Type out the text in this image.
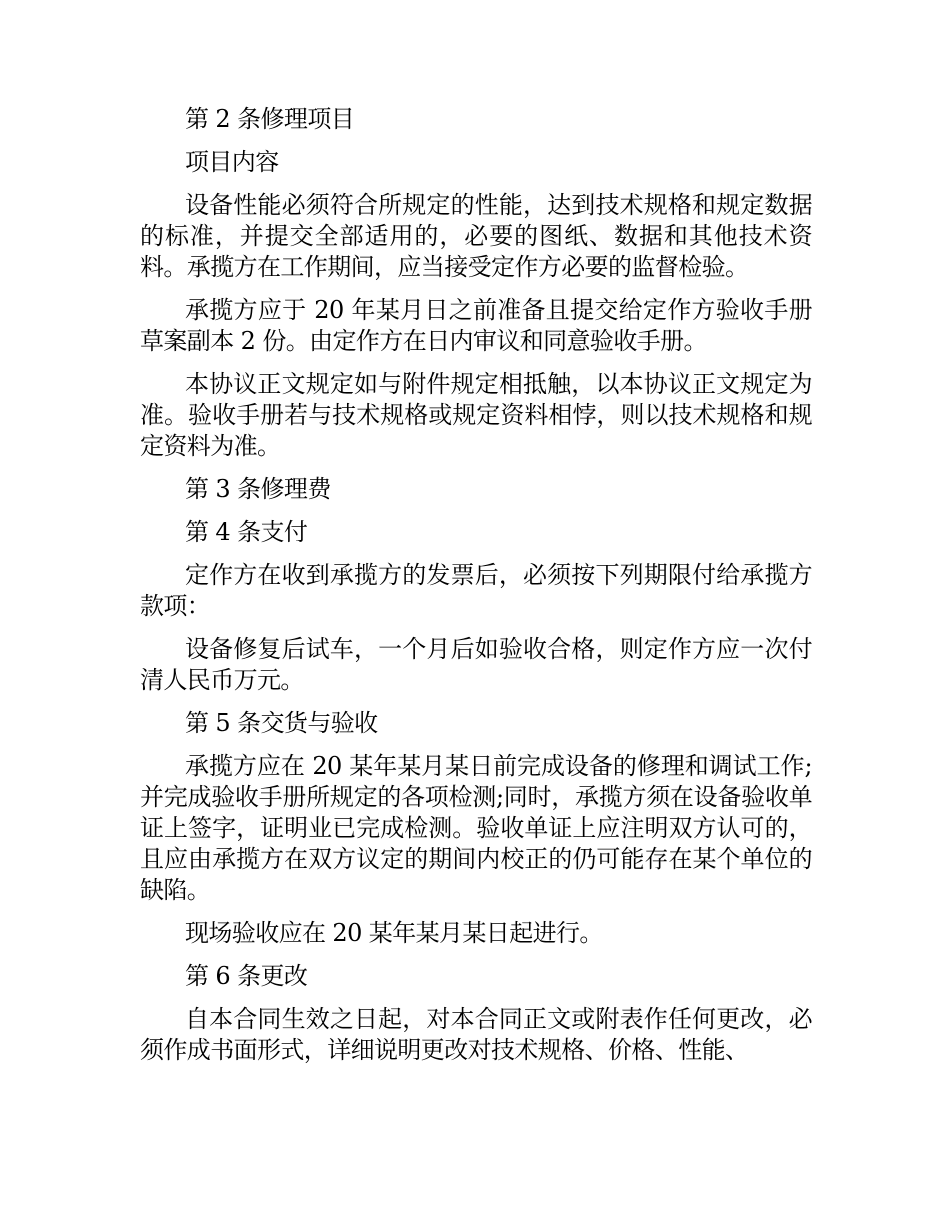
第 2 条修理项目

项目内容

设备性能必须符合所规定的性能，达到技术规格和规定数据的标准，并提交全部适用的，必要的图纸、数据和其他技术资料。承揽方在工作期间，应当接受定作方必要的监督检验。

承揽方应于 20 年某月日之前准备且提交给定作方验收手册草案副本 2 份。由定作方在日内审议和同意验收手册。

本协议正文规定如与附件规定相抵触，以本协议正文规定为准。验收手册若与技术规格或规定资料相悖，则以技术规格和规定资料为准。

第 3 条修理费

第 4 条支付

定作方在收到承揽方的发票后，必须按下列期限付给承揽方款项：

设备修复后试车，一个月后如验收合格，则定作方应一次付清人民币万元。

第 5 条交货与验收

承揽方应在 20 某年某月某日前完成设备的修理和调试工作;并完成验收手册所规定的各项检测;同时，承揽方须在设备验收单证上签字，证明业已完成检测。验收单证上应注明双方认可的，且应由承揽方在双方议定的期间内校正的仍可能存在某个单位的缺陷。

现场验收应在 20 某年某月某日起进行。

第 6 条更改

自本合同生效之日起，对本合同正文或附表作任何更改，必须作成书面形式，详细说明更改对技术规格、价格、性能、
